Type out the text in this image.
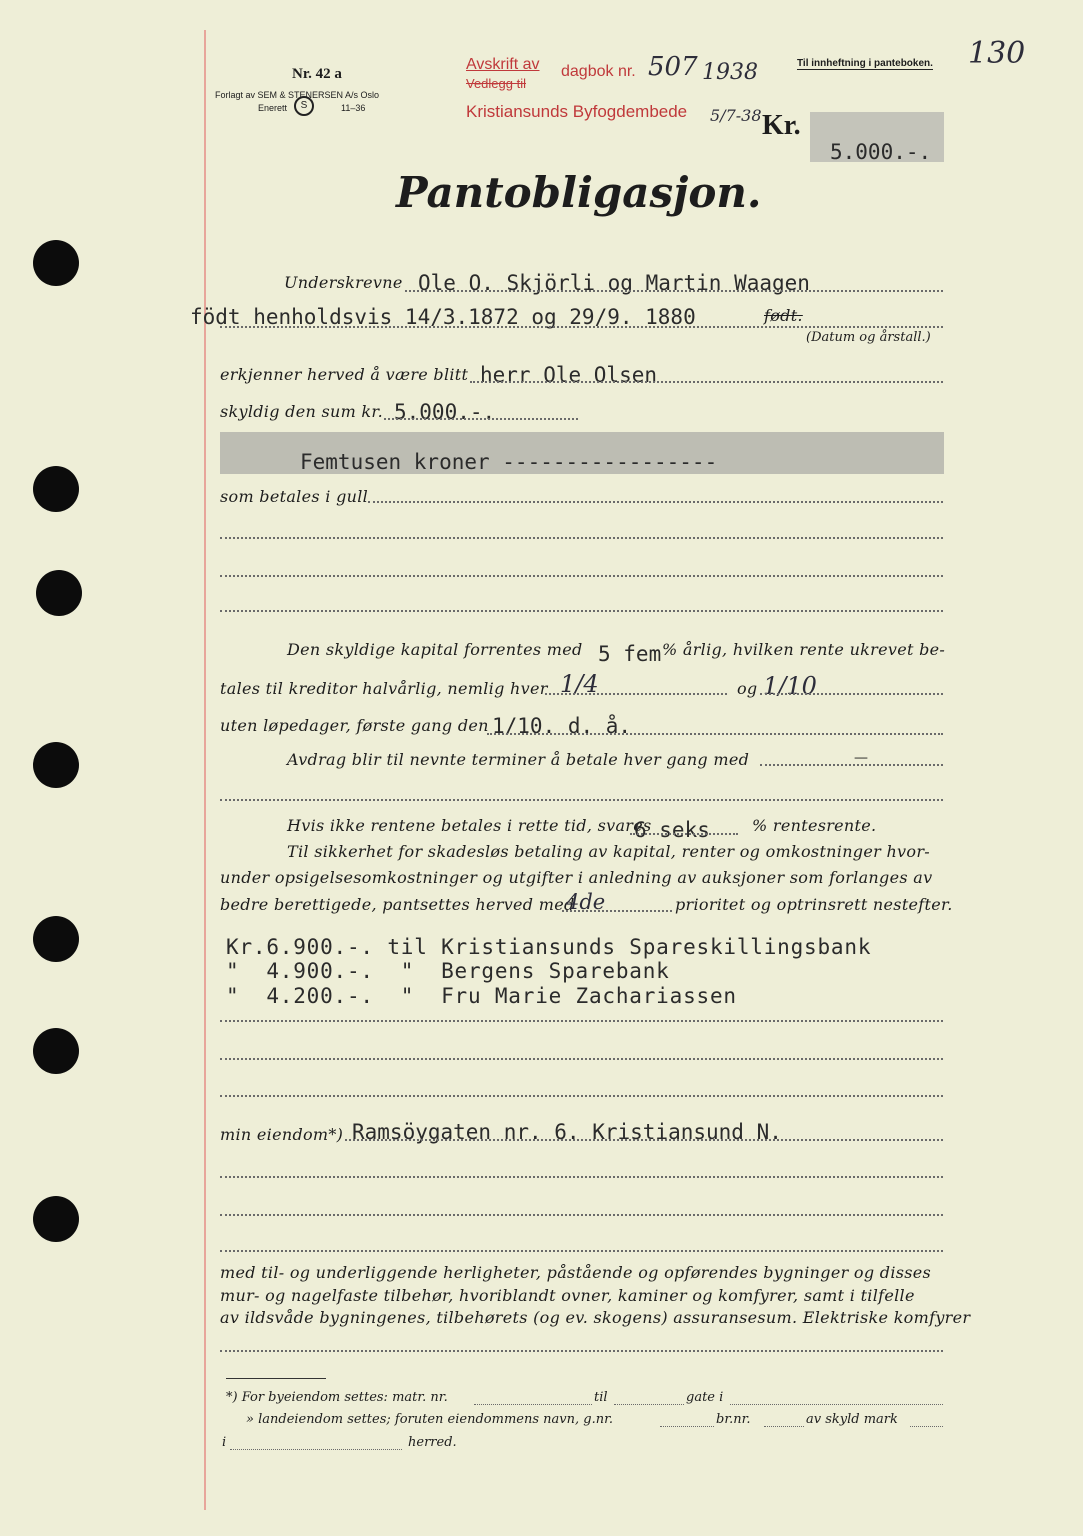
Nr. 42 a
Forlagt av SEM & STENERSEN A/s Oslo
Enerett	11–36
S
Avskrift av
Vedlegg til
dagbok nr. 507 1938
Kristiansunds Byfogdembede 5/7-38
Til innheftning i panteboken. 130
Kr.
5.000.-.
Pantobligasjon.
Underskrevne Ole O. Skjörli og Martin Waagen
födt henholdsvis 14/3.1872 og 29/9. 1880	født.
(Datum og årstall.)
erkjenner herved å være blitt herr Ole Olsen
skyldig den sum kr. 5.000.-.
Femtusen kroner -----------------
som betales i gull
Den skyldige kapital forrentes med 5 fem % årlig, hvilken rente ukrevet be-
tales til kreditor halvårlig, nemlig hver 1/4	og 1/10
uten løpedager, første gang den 1/10. d. å.
Avdrag blir til nevnte terminer å betale hver gang med	—
Hvis ikke rentene betales i rette tid, svares
6 seks	% rentesrente.
Til sikkerhet for skadesløs betaling av kapital, renter og omkostninger hvor-
under opsigelsesomkostninger og utgifter i anledning av auksjoner som forlanges av
bedre berettigede, pantsettes herved med
4de	prioritet og optrinsrett nestefter.
Kr.6.900.-. til Kristiansunds Spareskillingsbank
"  4.900.-.  "  Bergens Sparebank
"  4.200.-.  "  Fru Marie Zachariassen
min eiendom*) Ramsöygaten nr. 6. Kristiansund N.
med til- og underliggende herligheter, påstående og opførendes bygninger og disses
mur- og nagelfaste tilbehør, hvoriblandt ovner, kaminer og komfyrer, samt i tilfelle
av ildsvåde bygningenes, tilbehørets (og ev. skogens) assuransesum. Elektriske komfyrer
*) For byeiendom settes: matr. nr.	til	gate i
» landeiendom settes; foruten eiendommens navn, g.nr.	br.nr.	av skyld mark
i	herred.
